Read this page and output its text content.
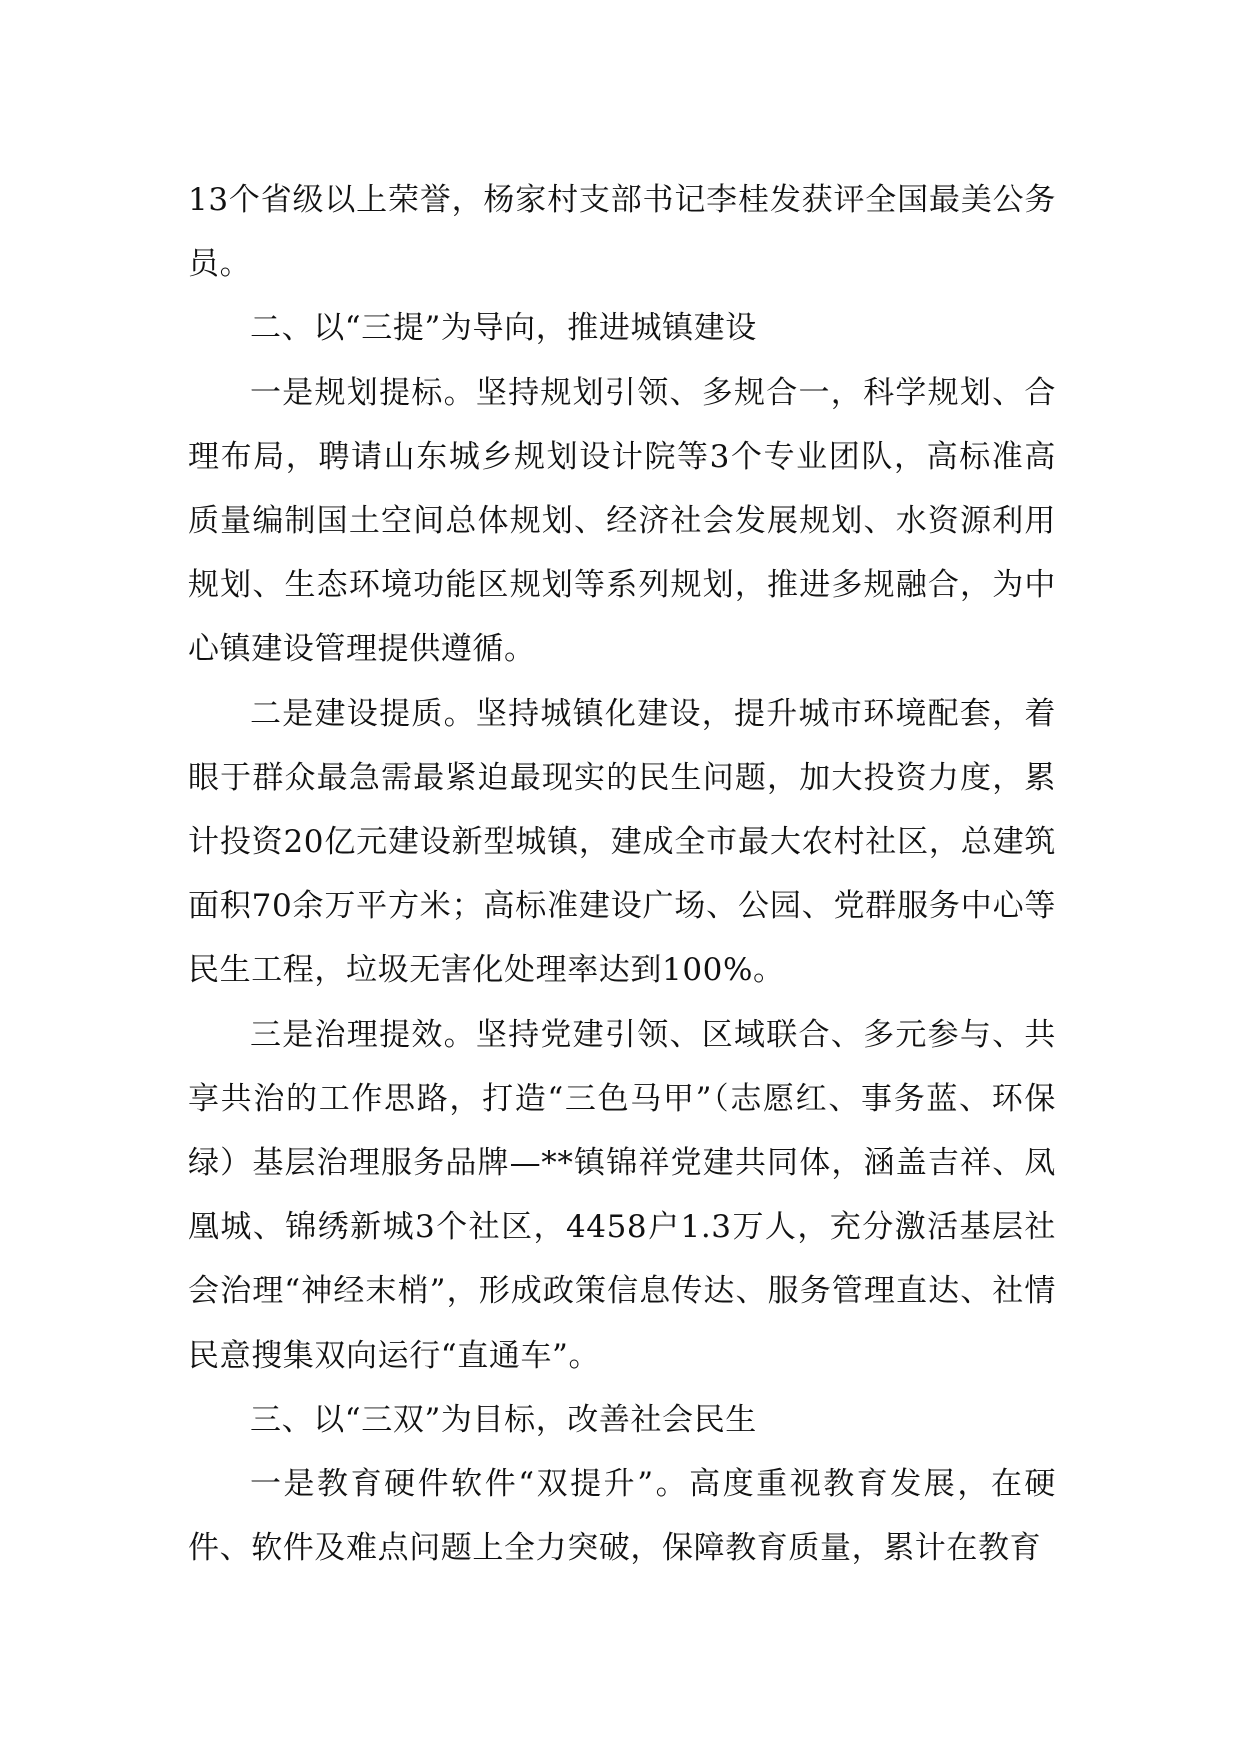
13个省级以上荣誉，杨家村支部书记李桂发获评全国最美公务员。

二、以“三提”为导向，推进城镇建设

一是规划提标。坚持规划引领、多规合一，科学规划、合理布局，聘请山东城乡规划设计院等3个专业团队，高标准高质量编制国土空间总体规划、经济社会发展规划、水资源利用规划、生态环境功能区规划等系列规划，推进多规融合，为中心镇建设管理提供遵循。

二是建设提质。坚持城镇化建设，提升城市环境配套，着眼于群众最急需最紧迫最现实的民生问题，加大投资力度，累计投资20亿元建设新型城镇，建成全市最大农村社区，总建筑面积70余万平方米；高标准建设广场、公园、党群服务中心等民生工程，垃圾无害化处理率达到100%。

三是治理提效。坚持党建引领、区域联合、多元参与、共享共治的工作思路，打造“三色马甲”（志愿红、事务蓝、环保绿）基层治理服务品牌—**镇锦祥党建共同体，涵盖吉祥、凤凰城、锦绣新城3个社区，4458户1.3万人，充分激活基层社会治理“神经末梢”，形成政策信息传达、服务管理直达、社情民意搜集双向运行“直通车”。

三、以“三双”为目标，改善社会民生

一是教育硬件软件“双提升”。高度重视教育发展，在硬件、软件及难点问题上全力突破，保障教育质量，累计在教育
